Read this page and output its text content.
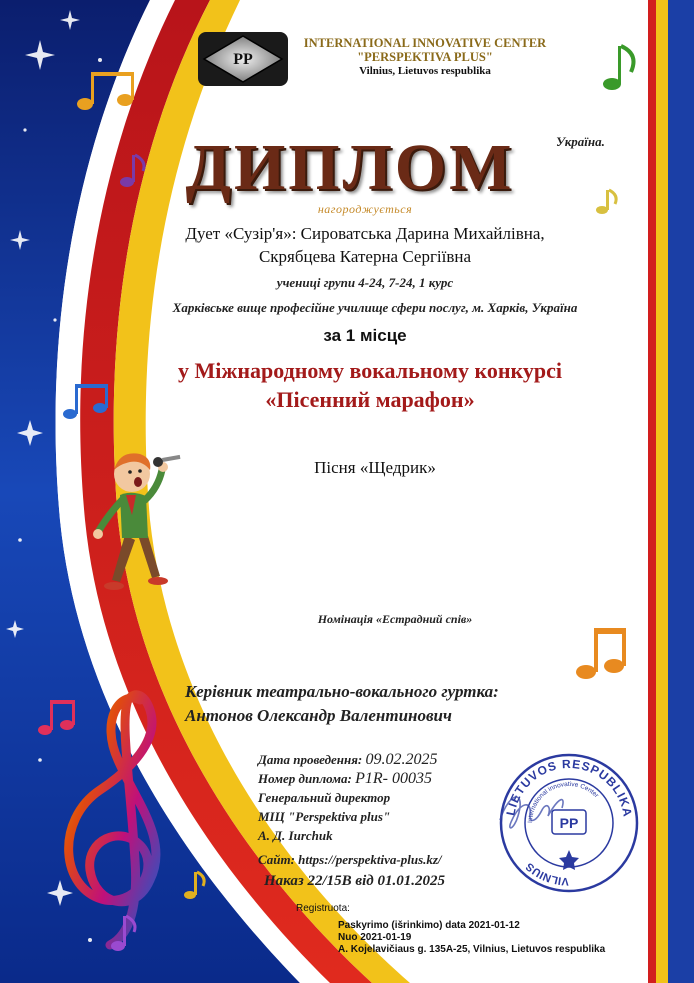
PP
INTERNATIONAL INNOVATIVE CENTER
"PERSPEKTIVA PLUS"
Vilnius, Lietuvos respublika
ДИПЛОМ	Україна.
нагороджується
Дует «Сузір'я»: Сироватська Дарина Михайлівна,
Скрябцева Катерна Сергіївна
учениці групи 4-24, 7-24, 1 курс
Харківське вище професійне училище сфери послуг, м. Харків, Україна
за 1 місце
у Міжнародному вокальному конкурсі
«Пісенний марафон»
Пісня «Щедрик»
Номінація «Естрадний спів»
Керівник театрально-вокального гуртка:
Антонов Олександр Валентинович
Дата проведення: 09.02.2025
Номер диплома: P1R- 00035
Генеральний директор
МІЦ "Perspektiva plus"
А. Д. Iurchuk
Сайт: https://perspektiva-plus.kz/
Наказ 22/15В від 01.01.2025
Registruota:
Paskyrimo (išrinkimo) data 2021-01-12
Nuo 2021-01-19
A. Kojelavičiaus g. 135A-25, Vilnius, Lietuvos respublika
LIETUVOS RESPUBLIKA
VILNIUS
International innovative Center
PP
